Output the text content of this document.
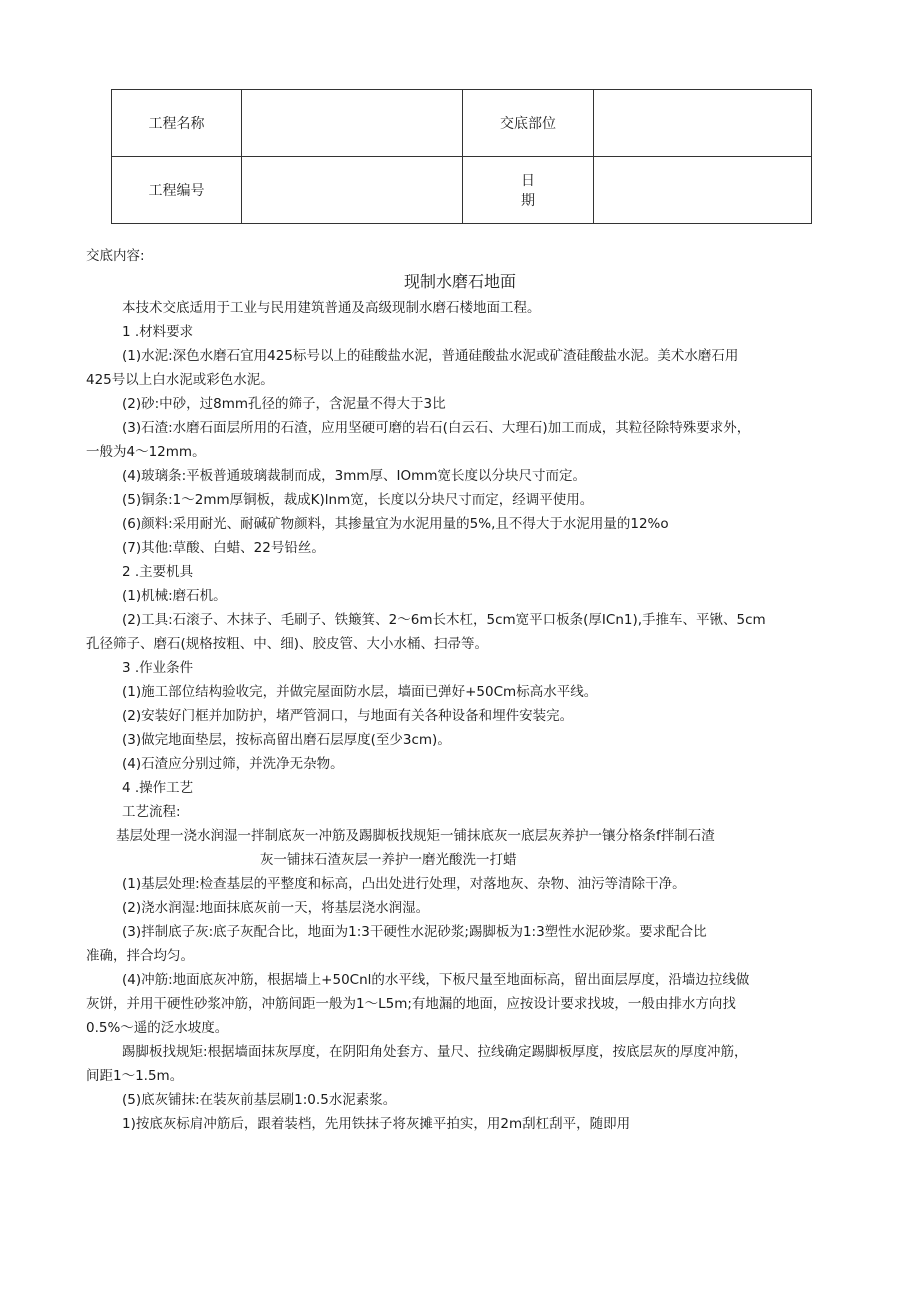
工程名称		交底部位	
工程编号		日期	
交底内容:
现制水磨石地面
本技术交底适用于工业与民用建筑普通及高级现制水磨石楼地面工程。
1 .材料要求
(1)水泥:深色水磨石宜用425标号以上的硅酸盐水泥，普通硅酸盐水泥或矿渣硅酸盐水泥。美术水磨石用
425号以上白水泥或彩色水泥。
(2)砂:中砂，过8mm孔径的筛子，含泥量不得大于3比
(3)石渣:水磨石面层所用的石渣，应用坚硬可磨的岩石(白云石、大理石)加工而成，其粒径除特殊要求外，
一般为4〜12mm。
(4)玻璃条:平板普通玻璃裁制而成，3mm厚、IOmm宽长度以分块尺寸而定。
(5)铜条:1〜2mm厚铜板，裁成K)lnm宽，长度以分块尺寸而定，经调平使用。
(6)颜料:采用耐光、耐碱矿物颜料，其掺量宜为水泥用量的5%,且不得大于水泥用量的12%o
(7)其他:草酸、白蜡、22号铅丝。
2 .主要机具
(1)机械:磨石机。
(2)工具:石滚子、木抹子、毛刷子、铁簸箕、2〜6m长木杠，5cm宽平口板条(厚ICn1),手推车、平锹、5cm
孔径筛子、磨石(规格按粗、中、细)、胶皮管、大小水桶、扫帚等。
3 .作业条件
(1)施工部位结构验收完，并做完屋面防水层，墙面已弹好+50Cm标高水平线。
(2)安装好门框并加防护，堵严管洞口，与地面有关各种设备和埋件安装完。
(3)做完地面垫层，按标高留出磨石层厚度(至少3cm)。
(4)石渣应分别过筛，并洗净无杂物。
4 .操作工艺
工艺流程:
基层处理一浇水润湿一拌制底灰一冲筋及踢脚板找规矩一铺抹底灰一底层灰养护一镶分格条f拌制石渣
灰一铺抹石渣灰层一养护一磨光酸洗一打蜡
(1)基层处理:检查基层的平整度和标高，凸出处进行处理，对落地灰、杂物、油污等清除干净。
(2)浇水润湿:地面抹底灰前一天，将基层浇水润湿。
(3)拌制底子灰:底子灰配合比，地面为1:3干硬性水泥砂浆;踢脚板为1:3塑性水泥砂浆。要求配合比
准确，拌合均匀。
(4)冲筋:地面底灰冲筋，根据墙上+50Cnl的水平线，下板尺量至地面标高，留出面层厚度，沿墙边拉线做
灰饼，并用干硬性砂浆冲筋，冲筋间距一般为1〜L5m;有地漏的地面，应按设计要求找坡，一般由排水方向找
0.5%〜遥的泛水坡度。
踢脚板找规矩:根据墙面抹灰厚度，在阴阳角处套方、量尺、拉线确定踢脚板厚度，按底层灰的厚度冲筋，
间距1〜1.5m。
(5)底灰铺抹:在装灰前基层刷1:0.5水泥素浆。
1)按底灰标肩冲筋后，跟着装档，先用铁抹子将灰摊平拍实，用2m刮杠刮平，随即用
